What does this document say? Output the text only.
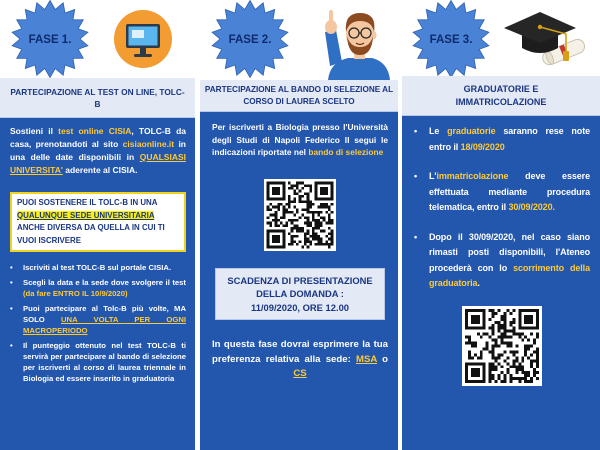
FASE 1.
PARTECIPAZIONE AL TEST ON LINE, TOLC-B

Sostieni il test online CISIA, TOLC-B da casa, prenotandoti al sito cisiaonline.it in una delle date disponibili in QUALSIASI UNIVERSITA' aderente al CISIA.

PUOI SOSTENERE IL TOLC-B IN UNA QUALUNQUE SEDE UNIVERSITARIA ANCHE DIVERSA DA QUELLA IN CUI TI VUOI ISCRIVERE
• Iscriviti al test TOLC-B sul portale CISIA.
• Scegli la data e la sede dove svolgere il test (da fare ENTRO IL 10/9/2020)
• Puoi partecipare al Tolc-B più volte, MA SOLO UNA VOLTA PER OGNI MACROPERIODO
• Il punteggio ottenuto nel test TOLC-B ti servirà per partecipare al bando di selezione per iscriverti al corso di laurea triennale in Biologia ed essere inserito in graduatoria
FASE 2.
PARTECIPAZIONE AL BANDO DI SELEZIONE AL CORSO DI LAUREA SCELTO

Per iscriverti a Biologia presso l'Università degli Studi di Napoli Federico II segui le indicazioni riportate nel bando di selezione

SCADENZA DI PRESENTAZIONE
DELLA DOMANDA :
11/09/2020, ORE 12.00

In questa fase dovrai esprimere la tua preferenza relativa alla sede: MSA o CS

FASE 3.
GRADUATORIE E IMMATRICOLAZIONE
• Le graduatorie saranno rese note entro il 18/09/2020
• L'immatricolazione deve essere effettuata mediante procedura telematica, entro il 30/09/2020.
• Dopo il 30/09/2020, nel caso siano rimasti posti disponibili, l'Ateneo procederà con lo scorrimento della graduatoria.
